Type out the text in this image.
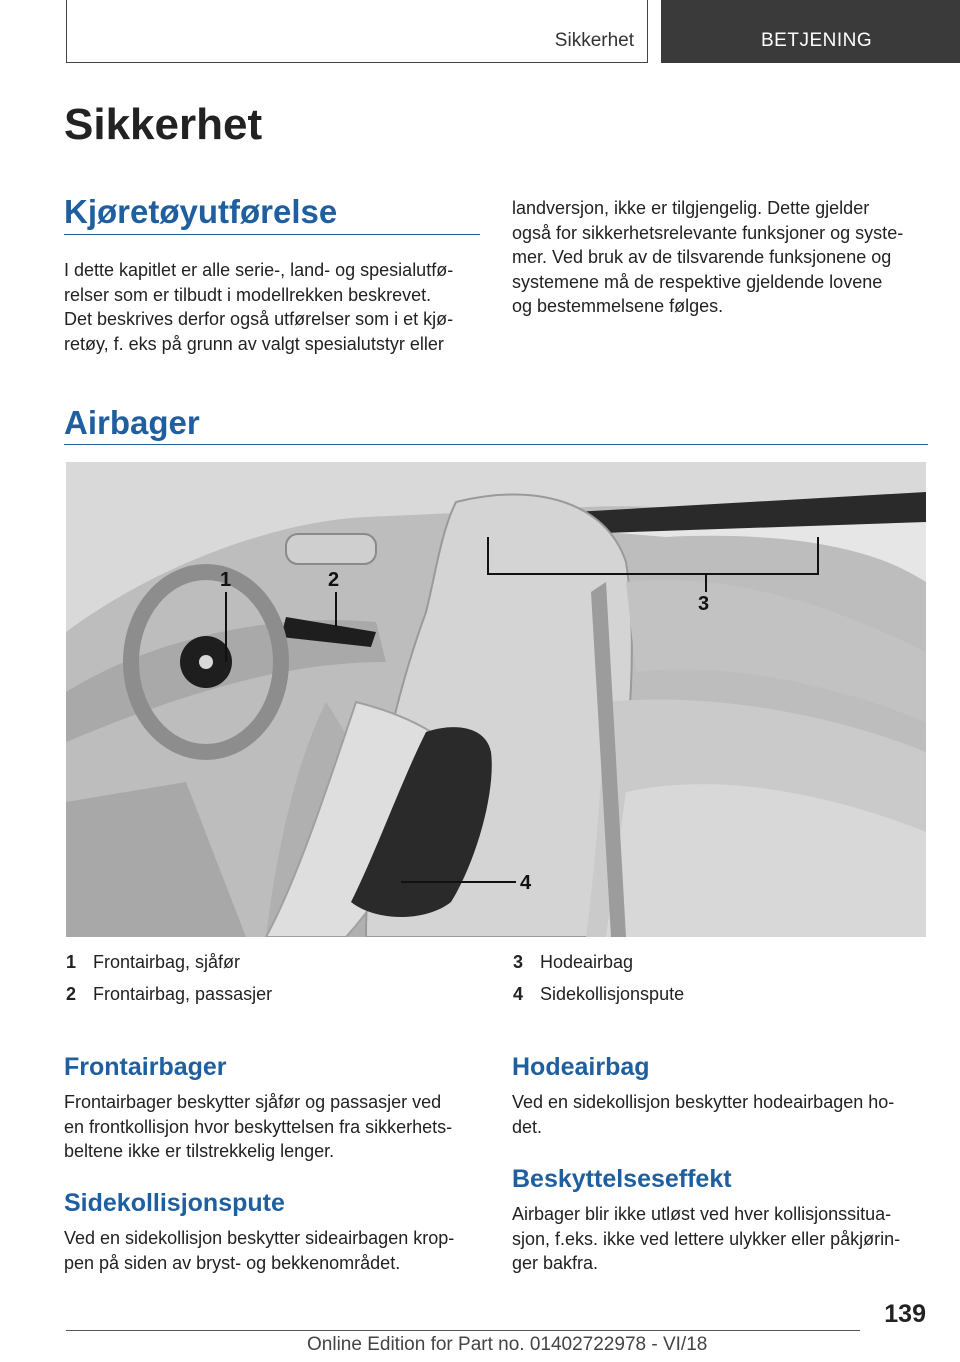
Sikkerhet	BETJENING
Sikkerhet
Kjøretøyutførelse
I dette kapitlet er alle serie-, land- og spesialutfø-
relser som er tilbudt i modellrekken beskrevet.
Det beskrives derfor også utførelser som i et kjø-
retøy, f. eks på grunn av valgt spesialutstyr eller
landversjon, ikke er tilgjengelig. Dette gjelder
også for sikkerhetsrelevante funksjoner og syste-
mer. Ved bruk av de tilsvarende funksjonene og
systemene må de respektive gjeldende lovene
og bestemmelsene følges.
Airbager
1	2
3
4
1 Frontairbag, sjåfør
2 Frontairbag, passasjer
3 Hodeairbag
4 Sidekollisjonspute
Frontairbager
Frontairbager beskytter sjåfør og passasjer ved
en frontkollisjon hvor beskyttelsen fra sikkerhets-
beltene ikke er tilstrekkelig lenger.
Sidekollisjonspute
Ved en sidekollisjon beskytter sideairbagen krop-
pen på siden av bryst- og bekkenområdet.
Hodeairbag
Ved en sidekollisjon beskytter hodeairbagen ho-
det.
Beskyttelseseffekt
Airbager blir ikke utløst ved hver kollisjonssitua-
sjon, f.eks. ikke ved lettere ulykker eller påkjørin-
ger bakfra.
139
Online Edition for Part no. 01402722978 - VI/18
